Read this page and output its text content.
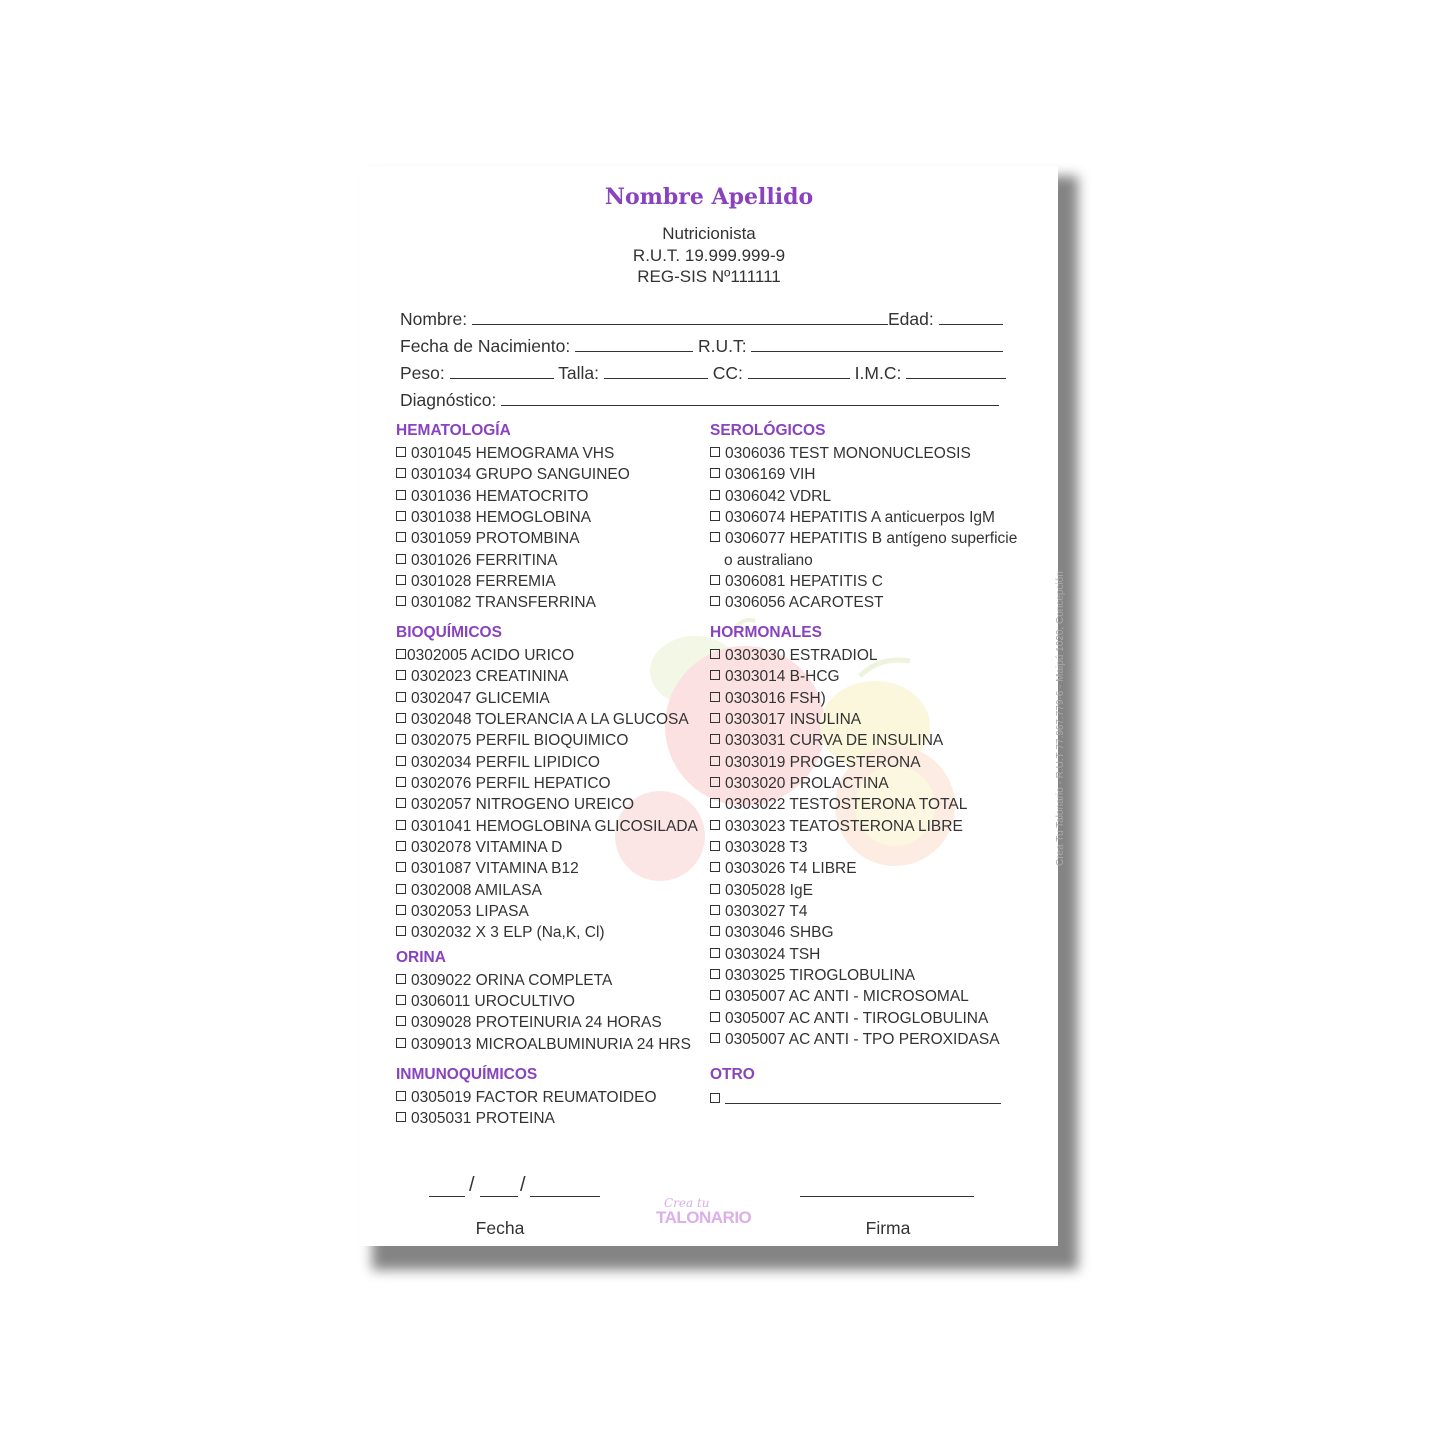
Nombre Apellido
Nutricionista
R.U.T. 19.999.999-9
REG-SIS Nº111111
Nombre:	Edad:
Fecha de Nacimiento:	R.U.T:
Peso:	Talla:	CC:	I.M.C:
Diagnóstico:
HEMATOLOGÍA
0301045 HEMOGRAMA VHS
0301034 GRUPO SANGUINEO
0301036 HEMATOCRITO
0301038 HEMOGLOBINA
0301059 PROTOMBINA
0301026 FERRITINA
0301028 FERREMIA
0301082 TRANSFERRINA
BIOQUÍMICOS
0302005 ACIDO URICO
0302023 CREATININA
0302047 GLICEMIA
0302048 TOLERANCIA A LA GLUCOSA
0302075 PERFIL BIOQUIMICO
0302034 PERFIL LIPIDICO
0302076 PERFIL HEPATICO
0302057 NITROGENO UREICO
0301041 HEMOGLOBINA GLICOSILADA
0302078 VITAMINA D
0301087 VITAMINA B12
0302008 AMILASA
0302053 LIPASA
0302032 X 3 ELP (Na,K, Cl)
ORINA
0309022 ORINA COMPLETA
0306011 UROCULTIVO
0309028 PROTEINURIA 24 HORAS
0309013 MICROALBUMINURIA 24 HRS
INMUNOQUÍMICOS
0305019 FACTOR REUMATOIDEO
0305031 PROTEINA
SEROLÓGICOS
0306036 TEST MONONUCLEOSIS
0306169 VIH
0306042 VDRL
0306074 HEPATITIS A anticuerpos IgM
0306077 HEPATITIS B antígeno superficie
o australiano
0306081 HEPATITIS C
0306056 ACAROTEST
HORMONALES
0303030 ESTRADIOL
0303014 B-HCG
0303016 FSH)
0303017 INSULINA
0303031 CURVA DE INSULINA
0303019 PROGESTERONA
0303020 PROLACTINA
0303022 TESTOSTERONA TOTAL
0303023 TEATOSTERONA LIBRE
0303028 T3
0303026 T4 LIBRE
0305028 IgE
0303027 T4
0303046 SHBG
0303024 TSH
0303025 TIROGLOBULINA
0305007 AC ANTI - MICROSOMAL
0305007 AC ANTI - TIROGLOBULINA
0305007 AC ANTI - TPO PEROXIDASA
OTRO
Crea Tu Talonario - R.U.T 77.967.779-6 - Maipú 1020, Concepción
/ /
Fecha	Firma
Crea tu
TALONARIO
